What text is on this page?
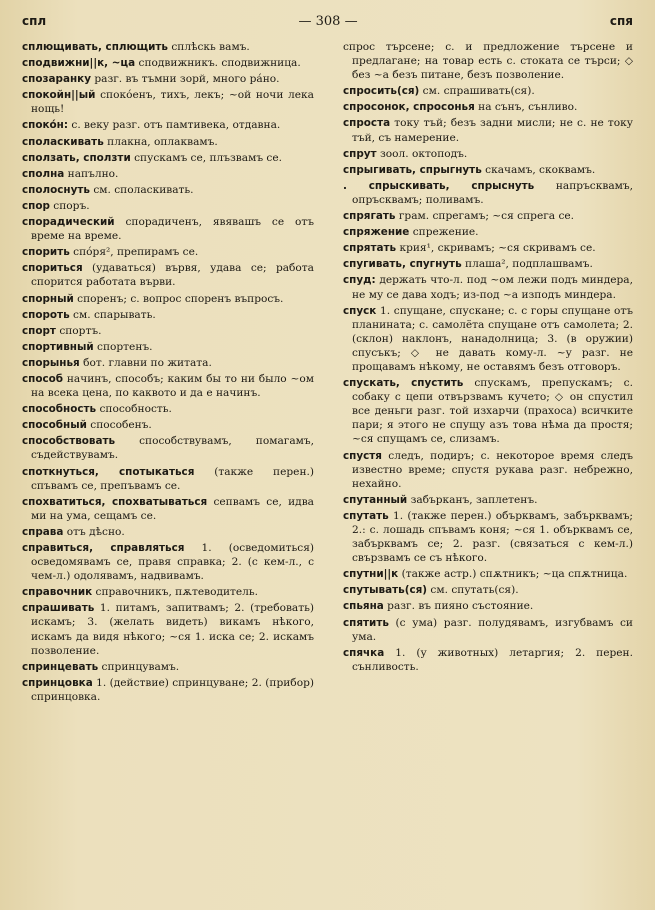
спл	— 308 —	спя

сплющивать, сплющить сплѣскь вамъ.

сподвижни||к, ~ца сподвижникъ. сподвижница.

спозаранку разг. въ тъмни зорй, много ра́но.

спокойн||ый споко́енъ, тихъ, лекъ; ~ой ночи лека нощь!

споко́н: с. веку разг. отъ памтивека, отдавна.

споласкивать плакна, оплаквамъ.

сползать, сползти спускамъ се, плъзвамъ се.

сполна напълно.

сполоснуть см. споласкивать.

спор споръ.

спорадический спорадиченъ, явявашъ се отъ време на време.

спорить спо́ря², препирамъ се.

спориться (удаваться) вървя, удава се; работа спорится работата върви.

спорный споренъ; с. вопрос споренъ въпросъ.

спороть см. спарывать.

спорт спортъ.

спортивный спортенъ.

спорынья бот. главни по житата.

способ начинъ, способъ; каким бы то ни было ~ом на всека цена, по каквото и да е начинъ.

способность способность.

способный способенъ.

способствовать способствувамъ, помагамъ, съдействувамъ.

споткнуться, спотыкаться (также перен.) спъвамъ се, препъвамъ се.

спохватиться, спохватываться сепвамъ се, идва ми на ума, сещамъ се.

справа отъ дѣсно.

справиться, справляться 1. (осведомиться) осведомявамъ се, правя справка; 2. (с кем-л., с чем-л.) одолявамъ, надвивамъ.

справочник справочникъ, пѫтеводитель.

спрашивать 1. питамъ, запитвамъ; 2. (требовать) искамъ; 3. (желать видеть) викамъ нѣкого, искамъ да видя нѣкого; ~ся 1. иска се; 2. искамъ позволение.

спринцевать спринцувамъ.

спринцовка 1. (действие) спринцуване; 2. (прибор) спринцовка.

спрос търсене; с. и предложение търсене и предлагане; на товар есть с. стоката се търси; ◇ без ~а безъ питане, безъ позволение.

спросить(ся) см. спрашивать(ся).

спросонок, спросонья на сънъ, сънливо.

спроста току тъй; безъ задни мисли; не с. не току тъй, съ намерение.

спрут зоол. октоподъ.

спрыгивать, спрыгнуть скачамъ, скоквамъ.

. спрыскивать, спрыснуть напръсквамъ, опръсквамъ; поливамъ.

спрягать грам. спрегамъ; ~ся спрега се.

спряжение спрежение.

спрятать крия¹, скривамъ; ~ся скривамъ се.

спугивать, спугнуть плаша², подплашвамъ.

спуд: держать что-л. под ~ом лежи подъ миндера, не му се дава ходъ; из-под ~а изподъ миндера.

спуск 1. спущане, спускане; с. с горы спущане отъ планината; с. самолёта спущане отъ самолета; 2. (склон) наклонъ, нанадолница; 3. (в оружии) спусъкъ; ◇ не давать кому-л. ~у разг. не прощавамъ нѣкому, не оставямъ безъ отговоръ.

спускать, спустить спускамъ, препускамъ; с. собаку с цепи отвързвамъ кучето; ◇ он спустил все деньги разг. той изхарчи (прахоса) всичките пари; я этого не спущу азъ това нѣма да простя; ~ся спущамъ се, слизамъ.

спустя следъ, подиръ; с. некоторое время следъ известно време; спустя рукава разг. небрежно, нехайно.

спутанный забърканъ, заплетенъ.

спутать 1. (также перен.) обърквамъ, забърквамъ; 2.: с. лошадь спъвамъ коня; ~ся 1. обърквамъ се, забърквамъ се; 2. разг. (связаться с кем-л.) свързвамъ се съ нѣкого.

спутни||к (также астр.) спѫтникъ; ~ца спѫтница.

спутывать(ся) см. спутать(ся).

спьяна разг. въ пияно състояние.

спятить (с ума) разг. полудявамъ, изгубвамъ си ума.

спячка 1. (у животных) летаргия; 2. перен. сънливость.
